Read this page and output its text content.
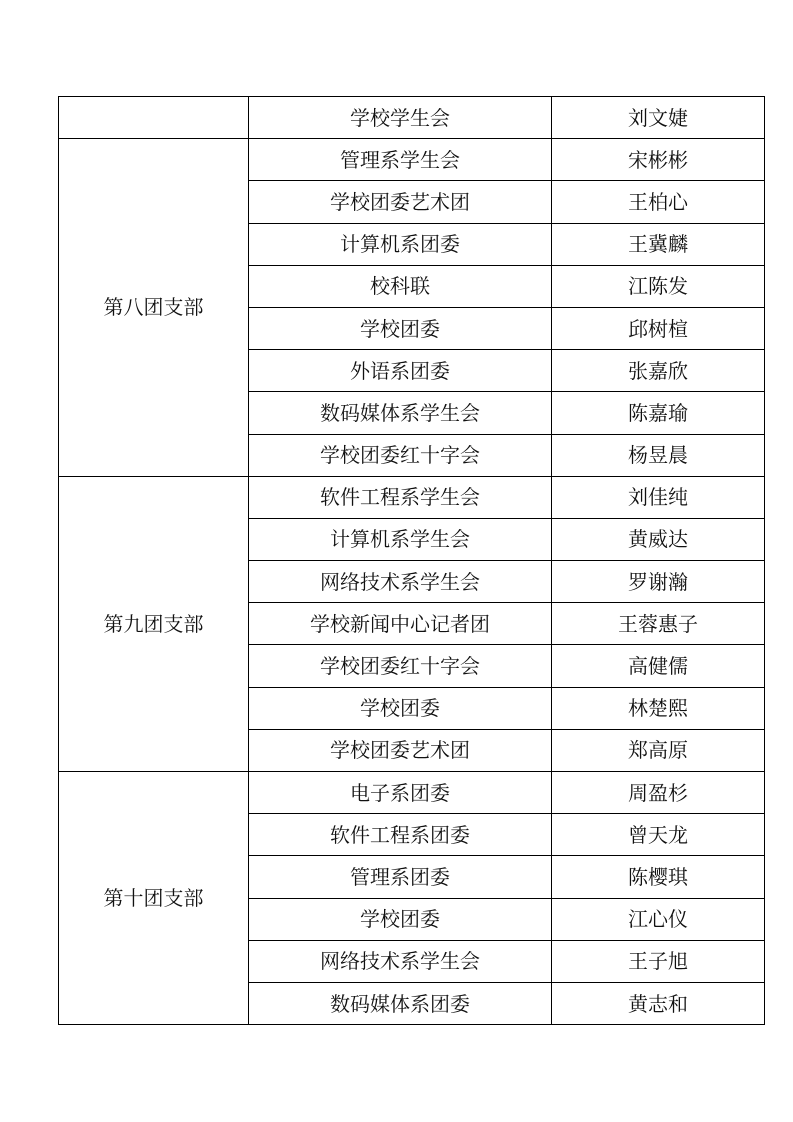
	学校学生会	刘文婕
第八团支部	管理系学生会	宋彬彬
	学校团委艺术团	王柏心
	计算机系团委	王冀麟
	校科联	江陈发
	学校团委	邱树楦
	外语系团委	张嘉欣
	数码媒体系学生会	陈嘉瑜
	学校团委红十字会	杨昱晨
第九团支部	软件工程系学生会	刘佳纯
	计算机系学生会	黄威达
	网络技术系学生会	罗谢瀚
	学校新闻中心记者团	王蓉惠子
	学校团委红十字会	高健儒
	学校团委	林楚熙
	学校团委艺术团	郑高原
第十团支部	电子系团委	周盈杉
	软件工程系团委	曾天龙
	管理系团委	陈樱琪
	学校团委	江心仪
	网络技术系学生会	王子旭
	数码媒体系团委	黄志和
